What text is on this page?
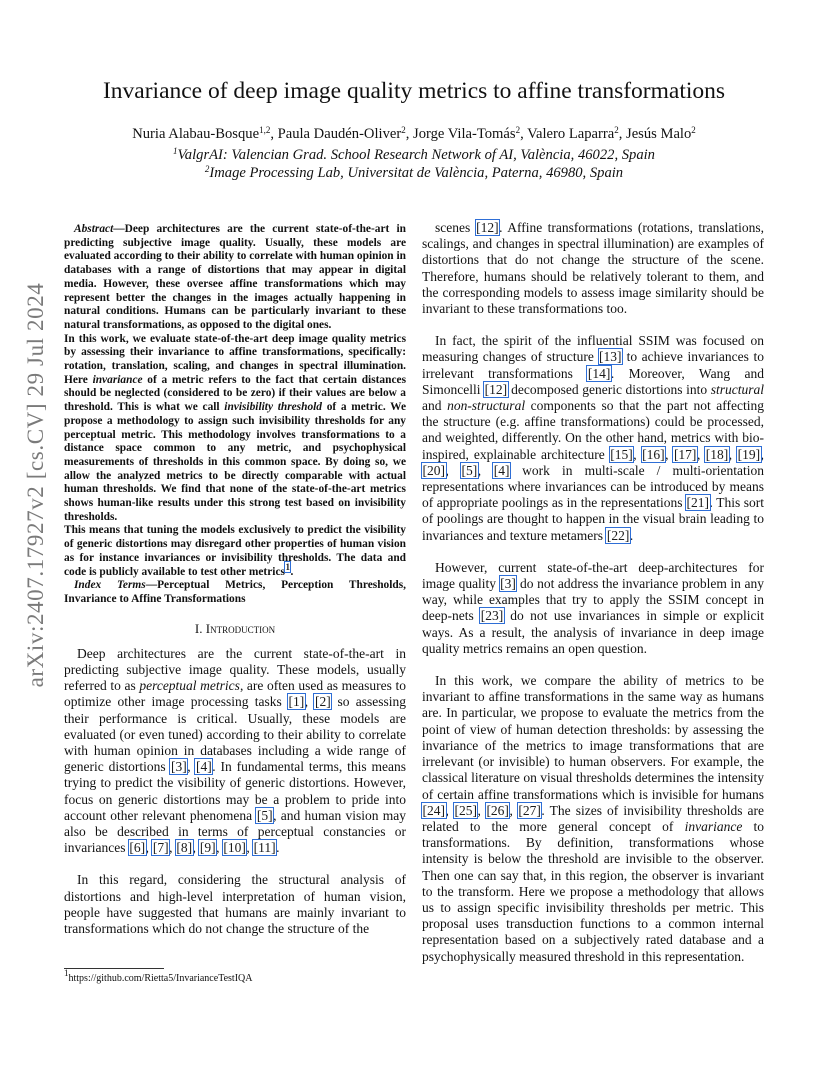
arXiv:2407.17927v2 [cs.CV] 29 Jul 2024
Invariance of deep image quality metrics to affine transformations
Nuria Alabau-Bosque$^{1,2}$, Paula Daudén-Oliver$^2$, Jorge Vila-Tomás$^2$, Valero Laparra$^2$, Jesús Malo$^2$
$^1$ValgrAI: Valencian Grad. School Research Network of AI, València, 46022, Spain
$^2$Image Processing Lab, Universitat de València, Paterna, 46980, Spain

Abstract—Deep architectures are the current state-of-the-art in predicting subjective image quality. Usually, these models are evaluated according to their ability to correlate with human opinion in databases with a range of distortions that may appear in digital media. However, these oversee affine transformations which may represent better the changes in the images actually happening in natural conditions. Humans can be particularly invariant to these natural transformations, as opposed to the digital ones.

In this work, we evaluate state-of-the-art deep image quality metrics by assessing their invariance to affine transformations, specifically: rotation, translation, scaling, and changes in spectral illumination. Here invariance of a metric refers to the fact that certain distances should be neglected (considered to be zero) if their values are below a threshold. This is what we call invisibility threshold of a metric. We propose a methodology to assign such invisibility thresholds for any perceptual metric. This methodology involves transformations to a distance space common to any metric, and psychophysical measurements of thresholds in this common space. By doing so, we allow the analyzed metrics to be directly comparable with actual human thresholds. We find that none of the state-of-the-art metrics shows human-like results under this strong test based on invisibility thresholds.

This means that tuning the models exclusively to predict the visibility of generic distortions may disregard other properties of human vision as for instance invariances or invisibility thresholds. The data and code is publicly available to test other metrics$^1$.

Index Terms—Perceptual Metrics, Perception Thresholds, Invariance to Affine Transformations

I. Introduction

Deep architectures are the current state-of-the-art in predicting subjective image quality. These models, usually referred to as perceptual metrics, are often used as measures to optimize other image processing tasks [1], [2] so assessing their performance is critical. Usually, these models are evaluated (or even tuned) according to their ability to correlate with human opinion in databases including a wide range of generic distortions [3], [4]. In fundamental terms, this means trying to predict the visibility of generic distortions. However, focus on generic distortions may be a problem to pride into account other relevant phenomena [5], and human vision may also be described in terms of perceptual constancies or invariances [6], [7], [8], [9], [10], [11].

In this regard, considering the structural analysis of distortions and high-level interpretation of human vision, people have suggested that humans are mainly invariant to transformations which do not change the structure of the

scenes [12]. Affine transformations (rotations, translations, scalings, and changes in spectral illumination) are examples of distortions that do not change the structure of the scene. Therefore, humans should be relatively tolerant to them, and the corresponding models to assess image similarity should be invariant to these transformations too.

In fact, the spirit of the influential SSIM was focused on measuring changes of structure [13] to achieve invariances to irrelevant transformations [14]. Moreover, Wang and Simoncelli [12] decomposed generic distortions into structural and non-structural components so that the part not affecting the structure (e.g. affine transformations) could be processed, and weighted, differently. On the other hand, metrics with bio-inspired, explainable architecture [15], [16], [17], [18], [19], [20], [5], [4] work in multi-scale / multi-orientation representations where invariances can be introduced by means of appropriate poolings as in the representations [21]. This sort of poolings are thought to happen in the visual brain leading to invariances and texture metamers [22].

However, current state-of-the-art deep-architectures for image quality [3] do not address the invariance problem in any way, while examples that try to apply the SSIM concept in deep-nets [23] do not use invariances in simple or explicit ways. As a result, the analysis of invariance in deep image quality metrics remains an open question.

In this work, we compare the ability of metrics to be invariant to affine transformations in the same way as humans are. In particular, we propose to evaluate the metrics from the point of view of human detection thresholds: by assessing the invariance of the metrics to image transformations that are irrelevant (or invisible) to human observers. For example, the classical literature on visual thresholds determines the intensity of certain affine transformations which is invisible for humans [24], [25], [26], [27]. The sizes of invisibility thresholds are related to the more general concept of invariance to transformations. By definition, transformations whose intensity is below the threshold are invisible to the observer. Then one can say that, in this region, the observer is invariant to the transform. Here we propose a methodology that allows us to assign specific invisibility thresholds per metric. This proposal uses transduction functions to a common internal representation based on a subjectively rated database and a psychophysically measured threshold in this representation.

$^1$https://github.com/Rietta5/InvarianceTestIQA
